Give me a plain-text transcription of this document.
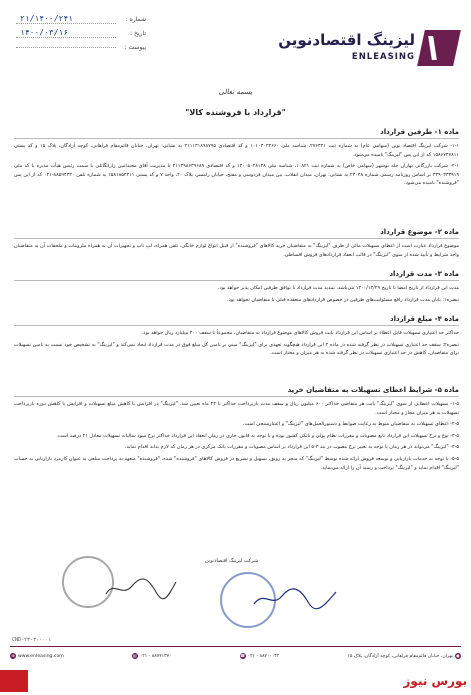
لیزینگ اقتصادنوین
ENLEASING
شماره :
۲۱/۱۴۰۰/۲۴۱
تاریخ :
۱۴۰۰/۰۳/۱۶
پیوست :
بسمه تعالی
"قرارداد با فروشنده کالا"
ماده ۱- طرفین قرارداد
۱-۱- شرکت لیزینگ اقتصاد نوین (سهامی عام) به شماره ثبت ۲۷۶۴۲۱، شناسه ملی ۱۰۱۰۳۰۲۴۶۶۰ و کد اقتصادی ۴۱۱۱۳۱۸۹۸۷۹۵ به نشانی: تهران، خیابان قائم‌مقام فراهانی، کوچه آزادگان، پلاک ۱۵ و کد پستی ۱۵۸۶۷۴۷۸۱۱ که از این پس "لیزینگ" نامیده می‌شود.
۲-۱- شرکت بازرگانی بهاران حله بوشهر (سهامی خاص) به شماره ثبت ۱۰۸۲۱، شناسه ملی ۱۴۰۰۵۰۲۸۱۲۸ و کد اقتصادی ۴۱۱۳۹۸۶۳۹۶۸۹ با مدیریت آقای مجیدامین زارانگاتلی با سمت رئیس هیأت مدیره با کد ملی ۳۳۹۰۳۳۳۹۱۹ بر اساس روزنامه رسمی شماره ۲۳۰۴۸ به نشانی: تهران، میدان انقلاب، بین میدان فردوسی و مفتح، خیابان رامسر، پلاک ۴۰، واحد ۷ و کد پستی ۱۵۸۱۸۵۴۴۱۱ به شماره تلفن ۸۸۵۹۴۳۳۰-۰۲۱ که از این پس "فروشنده" نامیده می‌شود.
ماده ۲- موضوع قرارداد
موضوع قرارداد عبارت است از اعطای تسهیلات مالی از طرف "لیزینگ" به متقاضیان خرید کالاهای "فروشنده" از قبیل انواع لوازم خانگی، تلفن همراه، لپ تاپ و تجهیزات آن به همراه ملزومات و ملحقات آن به متقاضیان واجد شرایط و تأیید شده از سوی "لیزینگ" در قالب انعقاد قراردادهای فروش اقساطی.
ماده ۳- مدت قرارداد
مدت این قرارداد از تاریخ امضا تا تاریخ ۱۴۰۰/۱۲/۲۹ می‌باشد. تمدید مدت قرارداد با توافق طرفین امکان پذیر خواهد بود.
تبصره۱: پایان مدت قرارداد رافع مسئولیت‌های طرفین در خصوص قراردادهای منعقده قبلی با متقاضیان نخواهد بود.
ماده ۴- مبلغ قرارداد
حداکثر حد اعتباری تسهیلات قابل اعطاء بر اساس این قرارداد بابت فروش کالاهای موضوع قرارداد به متقاضیان، مجموعاً تا سقف ۲۰۰ میلیارد ریال خواهد بود.
تبصره۲: سقف حد اعتباری تسهیلات در نظر گرفته شده در ماده ۴ این قرارداد هیچگونه تعهدی برای "لیزینگ" مبنی بر تامین کل مبلغ فوق در مدت قرارداد ایجاد نمی‌کند و "لیزینگ" به تشخیص خود نسبت به تامین تسهیلات برای متقاضیان، کاهش در حد اعتباری تسهیلات در نظر گرفته شده به هر میزان و مختار است.
ماده ۵- شرایط اعطای تسهیلات به متقاضیان خرید
۱-۵- تسهیلات اعطایی از سوی "لیزینگ" بابت هر متقاضی حداکثر ۶۰۰ میلیون ریال و سقف مدت بازپرداخت حداکثر تا ۲۴ ماه تعیین شد. "لیزینگ" در افزایش یا کاهش مبلغ تسهیلات و افزایش یا کاهش دوره بازپرداخت تسهیلات به هر میزان مجاز و مختار است.
۲-۵- اعطای تسهیلات به متقاضیان منوط به رعایت ضوابط و دستورالعمل‌های "لیزینگ" و اعتبارسنجی است.
۳-۵- نوع و نرخ تسهیلات این قرارداد تابع مصوبات و مقررات نظام پولی و بانکی کشور بوده و با توجه به قانون جاری در زمان انعقاد این قرارداد حداکثر نرخ سود سالیانه تسهیلات معادل ۲۱ درصد است.
۴-۵- "لیزینگ" می‌تواند در هر زمان با توجه به تغییر نرخ مصوب در بند ۳-۵ این قرارداد بر اساس مصوبات و مقررات بانک مرکزی در هر زمان که لازم بداند اقدام نماید.
۵-۵- با توجه به خدمات بازاریابی و توسعه فروش ارائه شده توسط "لیزینگ" که منجر به رونق، تسهیل و تسریع در فروش کالاهای "فروشنده" شده، "فروشنده" متعهد به پرداخت مبلغی به عنوان کارمزد بازاریابی به حساب "لیزینگ" اقدام نماید و "لیزینگ" پرداخت و رسید آن را ارائه می‌نماید.
شرکت لیزینگ اقتصادنوین
CND-۲۳-۳۰۰۰۰۱
⊕ www.enleasing.com	▤ ۰۲۱ - ۸۸۷۴۱۳۷۰	☎ ۰۲۱ - ۸۸۷۰۰۰۳۲	●
تهران، خیابان قائم‌مقام فراهانی، کوچه آزادگان، پلاک ۱۵
بورس نیوز
